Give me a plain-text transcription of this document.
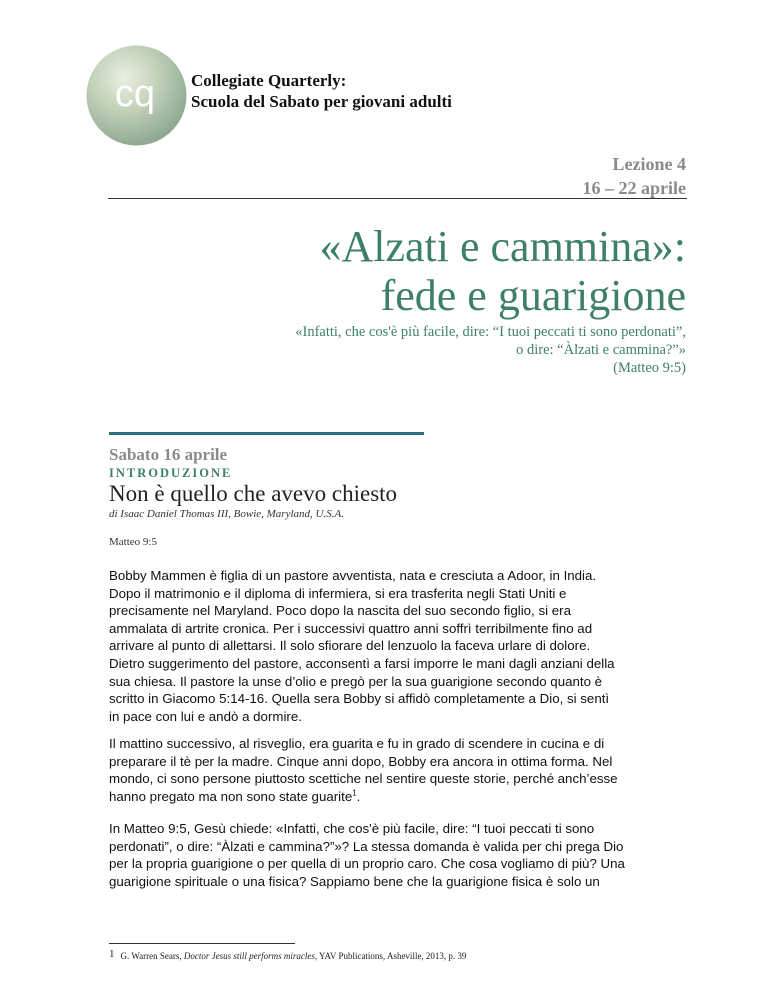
cq Collegiate Quarterly:
Scuola del Sabato per giovani adulti
Lezione 4
16 – 22 aprile
«Alzati e cammina»:
fede e guarigione
«Infatti, che cos'è più facile, dire: “I tuoi peccati ti sono perdonati”,
o dire: “Àlzati e cammina?”»
(Matteo 9:5)
Sabato 16 aprile
INTRODUZIONE
Non è quello che avevo chiesto
di Isaac Daniel Thomas III, Bowie, Maryland, U.S.A.
Matteo 9:5
Bobby Mammen è figlia di un pastore avventista, nata e cresciuta a Adoor, in India.
Dopo il matrimonio e il diploma di infermiera, si era trasferita negli Stati Uniti e
precisamente nel Maryland. Poco dopo la nascita del suo secondo figlio, si era
ammalata di artrite cronica. Per i successivi quattro anni soffrì terribilmente fino ad
arrivare al punto di allettarsi. Il solo sfiorare del lenzuolo la faceva urlare di dolore.
Dietro suggerimento del pastore, acconsentì a farsi imporre le mani dagli anziani della
sua chiesa. Il pastore la unse d’olio e pregò per la sua guarigione secondo quanto è
scritto in Giacomo 5:14-16. Quella sera Bobby si affidò completamente a Dio, si sentì
in pace con lui e andò a dormire.
Il mattino successivo, al risveglio, era guarita e fu in grado di scendere in cucina e di
preparare il tè per la madre. Cinque anni dopo, Bobby era ancora in ottima forma. Nel
mondo, ci sono persone piuttosto scettiche nel sentire queste storie, perché anch’esse
hanno pregato ma non sono state guarite$^1$.
In Matteo 9:5, Gesù chiede: «Infatti, che cos'è più facile, dire: “I tuoi peccati ti sono
perdonati”, o dire: “Àlzati e cammina?”»? La stessa domanda è valida per chi prega Dio
per la propria guarigione o per quella di un proprio caro. Che cosa vogliamo di più? Una
guarigione spirituale o una fisica? Sappiamo bene che la guarigione fisica è solo un
1 G. Warren Sears, Doctor Jesus still performs miracles, YAV Publications, Asheville, 2013, p. 39
